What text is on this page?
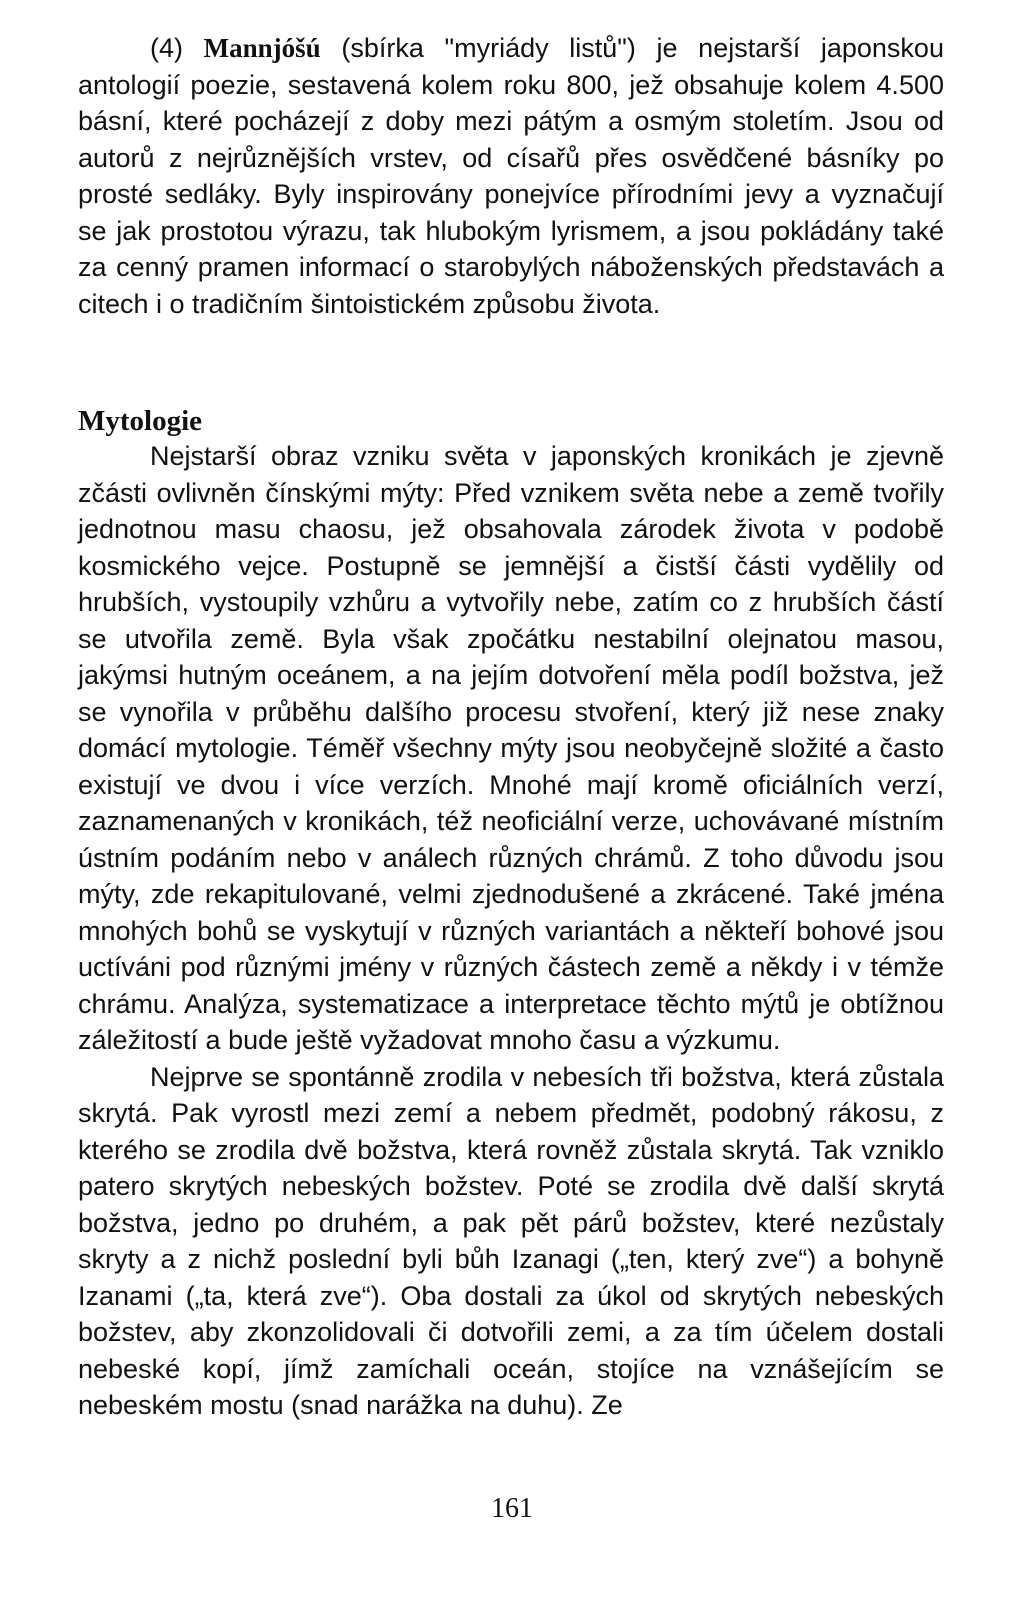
(4) Mannjóšú (sbírka "myriády listů") je nejstarší japonskou antologií poezie, sestavená kolem roku 800, jež obsahuje kolem 4.500 básní, které pocházejí z doby mezi pátým a osmým stoletím. Jsou od autorů z nejrůznějších vrstev, od císařů přes osvědčené básníky po prosté sedláky. Byly inspirovány ponejvíce přírodními jevy a vyznačují se jak prostotou výrazu, tak hlubokým lyrismem, a jsou pokládány také za cenný pramen informací o starobylých náboženských představách a citech i o tradičním šintoistickém způsobu života.

Mytologie

Nejstarší obraz vzniku světa v japonských kronikách je zjevně zčásti ovlivněn čínskými mýty: Před vznikem světa nebe a země tvořily jednotnou masu chaosu, jež obsahovala zárodek života v podobě kosmického vejce. Postupně se jemnější a čistší části vydělily od hrubších, vystoupily vzhůru a vytvořily nebe, zatím co z hrubších částí se utvořila země. Byla však zpočátku nestabilní olejnatou masou, jakýmsi hutným oceánem, a na jejím dotvoření měla podíl božstva, jež se vynořila v průběhu dalšího procesu stvoření, který již nese znaky domácí mytologie. Téměř všechny mýty jsou neobyčejně složité a často existují ve dvou i více verzích. Mnohé mají kromě oficiálních verzí, zaznamenaných v kronikách, též neoficiální verze, uchovávané místním ústním podáním nebo v análech různých chrámů. Z toho důvodu jsou mýty, zde rekapitulované, velmi zjednodušené a zkrácené. Také jména mnohých bohů se vyskytují v různých variantách a někteří bohové jsou uctíváni pod různými jmény v různých částech země a někdy i v témže chrámu. Analýza, systematizace a interpretace těchto mýtů je obtížnou záležitostí a bude ještě vyžadovat mnoho času a výzkumu.

Nejprve se spontánně zrodila v nebesích tři božstva, která zůstala skrytá. Pak vyrostl mezi zemí a nebem předmět, podobný rákosu, z kterého se zrodila dvě božstva, která rovněž zůstala skrytá. Tak vzniklo patero skrytých nebeských božstev. Poté se zrodila dvě další skrytá božstva, jedno po druhém, a pak pět párů božstev, které nezůstaly skryty a z nichž poslední byli bůh Izanagi („ten, který zve“) a bohyně Izanami („ta, která zve“). Oba dostali za úkol od skrytých nebeských božstev, aby zkonzolidovali či dotvořili zemi, a za tím účelem dostali nebeské kopí, jímž zamíchali oceán, stojíce na vznášejícím se nebeském mostu (snad narážka na duhu). Ze

161
